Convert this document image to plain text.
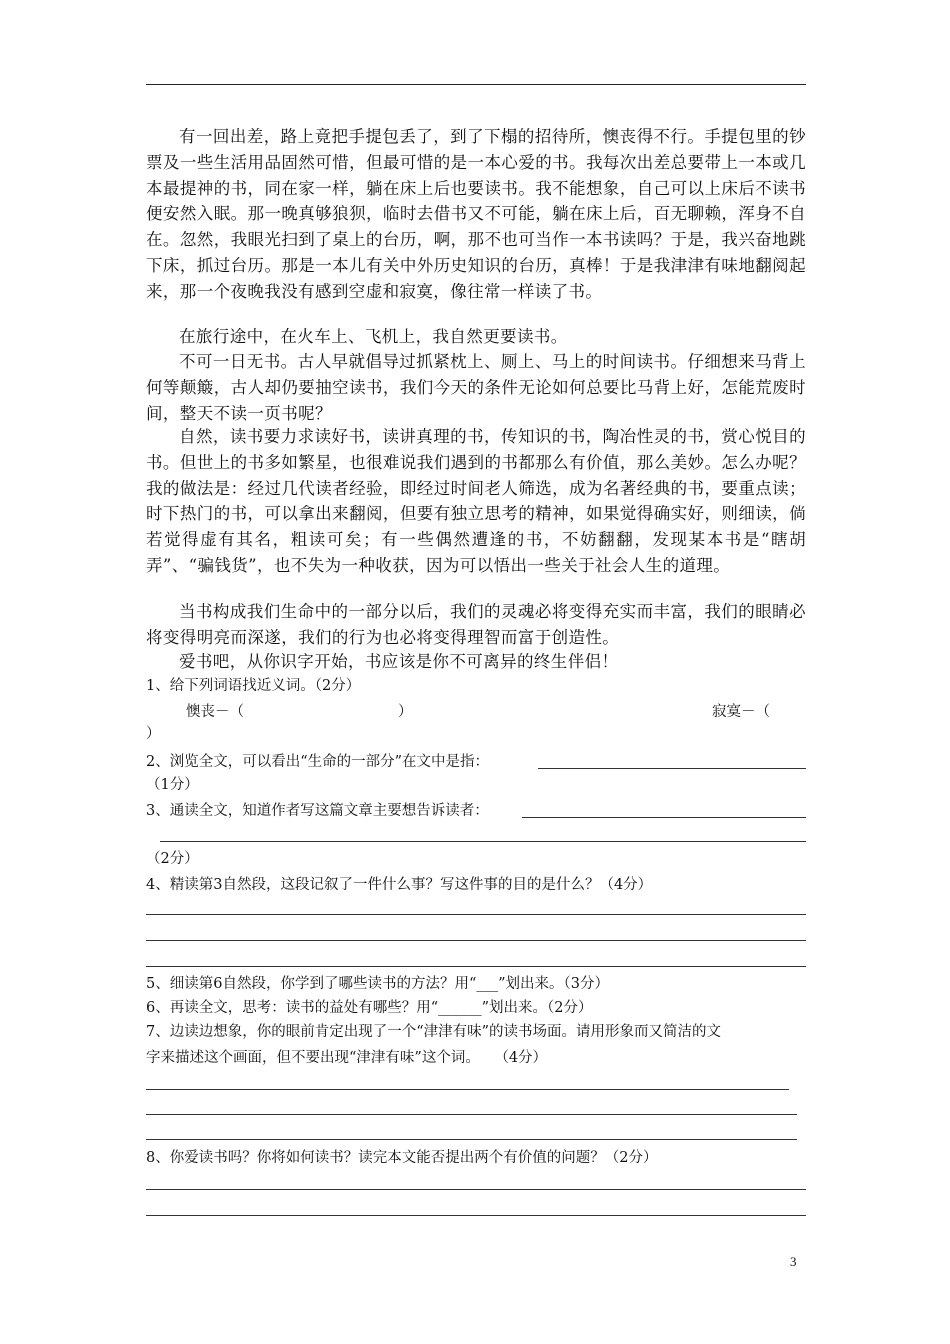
有一回出差，路上竟把手提包丢了，到了下榻的招待所，懊丧得不行。手提包里的钞票及一些生活用品固然可惜，但最可惜的是一本心爱的书。我每次出差总要带上一本或几本最提神的书，同在家一样，躺在床上后也要读书。我不能想象，自己可以上床后不读书便安然入眠。那一晚真够狼狈，临时去借书又不可能，躺在床上后，百无聊赖，浑身不自在。忽然，我眼光扫到了桌上的台历，啊，那不也可当作一本书读吗？于是，我兴奋地跳下床，抓过台历。那是一本儿有关中外历史知识的台历，真棒！于是我津津有味地翻阅起来，那一个夜晚我没有感到空虚和寂寞，像往常一样读了书。

在旅行途中，在火车上、飞机上，我自然更要读书。

不可一日无书。古人早就倡导过抓紧枕上、厕上、马上的时间读书。仔细想来马背上何等颠簸，古人却仍要抽空读书，我们今天的条件无论如何总要比马背上好，怎能荒废时间，整天不读一页书呢？

自然，读书要力求读好书，读讲真理的书，传知识的书，陶冶性灵的书，赏心悦目的书。但世上的书多如繁星，也很难说我们遇到的书都那么有价值，那么美妙。怎么办呢？我的做法是：经过几代读者经验，即经过时间老人筛选，成为名著经典的书，要重点读；时下热门的书，可以拿出来翻阅，但要有独立思考的精神，如果觉得确实好，则细读，倘若觉得虚有其名，粗读可矣；有一些偶然遭逢的书，不妨翻翻，发现某本书是“瞎胡弄”、“骗钱货”，也不失为一种收获，因为可以悟出一些关于社会人生的道理。

当书构成我们生命中的一部分以后，我们的灵魂必将变得充实而丰富，我们的眼睛必将变得明亮而深遂，我们的行为也必将变得理智而富于创造性。

爱书吧，从你识字开始，书应该是你不可离异的终生伴侣！

1、给下列词语找近义词。（2分）
懊丧－（	）	寂寞－（
）
2、浏览全文，可以看出“生命的一部分”在文中是指：
（1分）
3、通读全文，知道作者写这篇文章主要想告诉读者：
（2分）
4、精读第3自然段，这段记叙了一件什么事？写这件事的目的是什么？（4分）
5、细读第6自然段，你学到了哪些读书的方法？用“___”划出来。（3分）
6、再读全文，思考：读书的益处有哪些？用“______”划出来。（2分）
7、边读边想象，你的眼前肯定出现了一个“津津有味”的读书场面。请用形象而又简洁的文
字来描述这个画面，但不要出现“津津有味”这个词。　　（4分）
8、你爱读书吗？你将如何读书？读完本文能否提出两个有价值的问题？（2分）
3
